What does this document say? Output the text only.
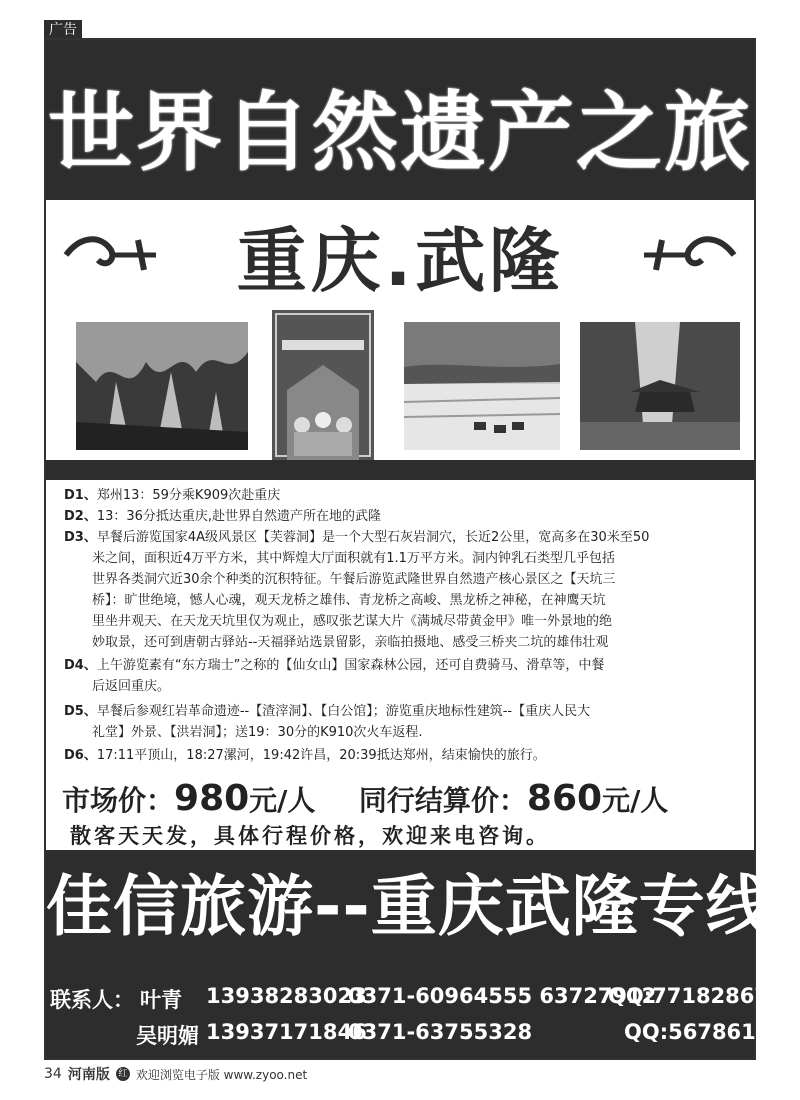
广告
世界自然遗产之旅
重庆.武隆
D1、郑州13：59分乘K909次赴重庆
D2、13：36分抵达重庆,赴世界自然遗产所在地的武隆
D3、早餐后游览国家4A级风景区【芙蓉洞】是一个大型石灰岩洞穴，长近2公里，宽高多在30米至50
米之间，面积近4万平方米，其中辉煌大厅面积就有1.1万平方米。洞内钟乳石类型几乎包括
世界各类洞穴近30余个种类的沉积特征。午餐后游览武隆世界自然遗产核心景区之【天坑三
桥】：旷世绝境，憾人心魂，观天龙桥之雄伟、青龙桥之高峻、黑龙桥之神秘，在神鹰天坑
里坐井观天、在天龙天坑里仅为观止，感叹张艺谋大片《满城尽带黄金甲》唯一外景地的绝
妙取景，还可到唐朝古驿站--天福驿站选景留影，亲临拍摄地、感受三桥夹二坑的雄伟壮观
D4、上午游览素有“东方瑞士”之称的【仙女山】国家森林公园，还可自费骑马、滑草等，中餐
后返回重庆。
D5、早餐后参观红岩革命遗迹--【渣滓洞】、【白公馆】；游览重庆地标性建筑--【重庆人民大
礼堂】外景、【洪岩洞】；送19：30分的K910次火车返程.
D6、17:11平顶山，18:27漯河，19:42许昌，20:39抵达郑州，结束愉快的旅行。
市场价：980元/人 同行结算价：860元/人
散客天天发，具体行程价格，欢迎来电咨询。
佳信旅游--重庆武隆专线
联系人： 叶青 13938283023
0371-60964555 63727912
QQ:771828678
吴明媚 13937171846
0371-63755328	QQ:56786147
34 河南版 红 欢迎浏览电子版 www.zyoo.net
